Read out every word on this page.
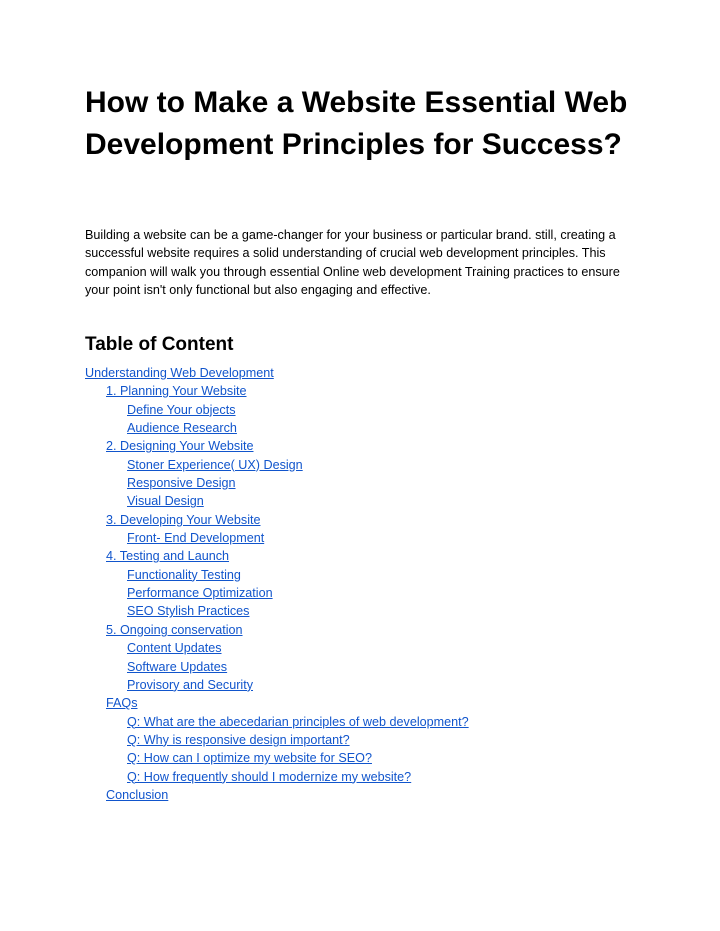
How to Make a Website Essential Web Development Principles for Success?

Building a website can be a game-changer for your business or particular brand. still, creating a successful website requires a solid understanding of crucial web development principles. This companion will walk you through essential Online web development Training practices to ensure your point isn't only functional but also engaging and effective.

Table of Content
Understanding Web Development
1. Planning Your Website
Define Your objects
Audience Research
2. Designing Your Website
Stoner Experience( UX) Design
Responsive Design
Visual Design
3. Developing Your Website
Front- End Development
4. Testing and Launch
Functionality Testing
Performance Optimization
SEO Stylish Practices
5. Ongoing conservation
Content Updates
Software Updates
Provisory and Security
FAQs
Q: What are the abecedarian principles of web development?
Q: Why is responsive design important?
Q: How can I optimize my website for SEO?
Q: How frequently should I modernize my website?
Conclusion
